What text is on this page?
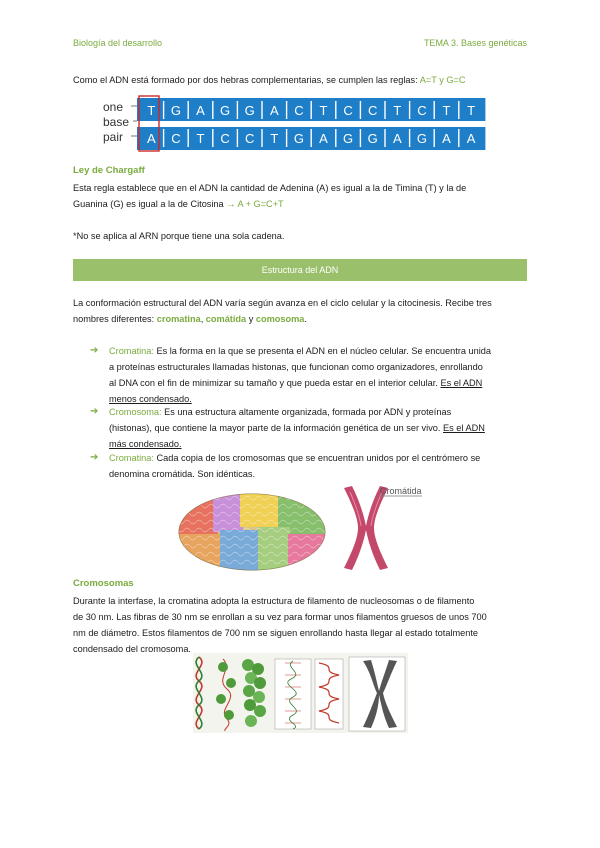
Biología del desarrollo	TEMA 3. Bases genéticas
Como el ADN está formado por dos hebras complementarias, se cumplen las reglas: A=T y G=C
one
base
pair
T
A
G
C
A
T
G
C
G
C
A
T
C
G
T
A
C
G
C
G
T
A
C
G
T
A
T
A
Ley de Chargaff
Esta regla establece que en el ADN la cantidad de Adenina (A) es igual a la de Timina (T) y la de
Guanina (G) es igual a la de Citosina → A + G=C+T
*No se aplica al ARN porque tiene una sola cadena.
Estructura del ADN
La conformación estructural del ADN varía según avanza en el ciclo celular y la citocinesis. Recibe tres
nombres diferentes: cromatina, comátida y comosoma.
➔ Cromatina: Es la forma en la que se presenta el ADN en el núcleo celular. Se encuentra unida
a proteínas estructurales llamadas histonas, que funcionan como organizadores, enrollando
al DNA con el fin de minimizar su tamaño y que pueda estar en el interior celular. Es el ADN
menos condensado.
➔ Cromosoma: Es una estructura altamente organizada, formada por ADN y proteínas
(histonas), que contiene la mayor parte de la información genética de un ser vivo. Es el ADN
más condensado.
➔ Cromatina: Cada copia de los cromosomas que se encuentran unidos por el centrómero se
denomina cromátida. Son idénticas.
Cromátida
Cromosomas
Durante la interfase, la cromatina adopta la estructura de filamento de nucleosomas o de filamento
de 30 nm. Las fibras de 30 nm se enrollan a su vez para formar unos filamentos gruesos de unos 700
nm de diámetro. Estos filamentos de 700 nm se siguen enrollando hasta llegar al estado totalmente
condensado del cromosoma.
